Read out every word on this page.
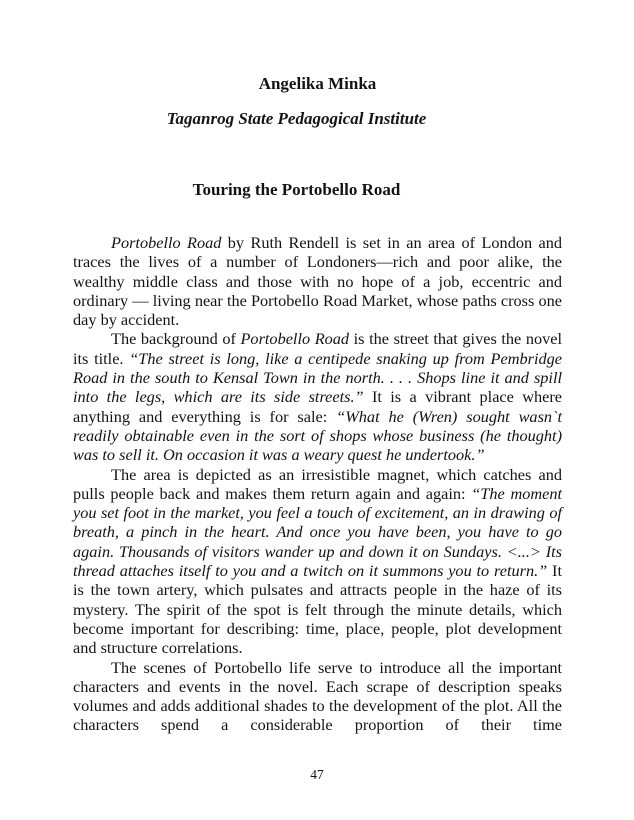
Angelika Minka
Taganrog State Pedagogical Institute
Touring the Portobello Road

Portobello Road by Ruth Rendell is set in an area of London and traces the lives of a number of Londoners—rich and poor alike, the wealthy middle class and those with no hope of a job, eccentric and ordinary — living near the Portobello Road Market, whose paths cross one day by accident.

The background of Portobello Road is the street that gives the novel its title. “The street is long, like a centipede snaking up from Pembridge Road in the south to Kensal Town in the north. . . . Shops line it and spill into the legs, which are its side streets.” It is a vibrant place where anything and everything is for sale: “What he (Wren) sought wasn`t readily obtainable even in the sort of shops whose business (he thought) was to sell it. On occasion it was a weary quest he undertook.”

The area is depicted as an irresistible magnet, which catches and pulls people back and makes them return again and again: “The moment you set foot in the market, you feel a touch of excitement, an in drawing of breath, a pinch in the heart. And once you have been, you have to go again. Thousands of visitors wander up and down it on Sundays. <...> Its thread attaches itself to you and a twitch on it summons you to return.” It is the town artery, which pulsates and attracts people in the haze of its mystery. The spirit of the spot is felt through the minute details, which become important for describing: time, place, people, plot development and structure correlations.

The scenes of Portobello life serve to introduce all the important characters and events in the novel. Each scrape of description speaks volumes and adds additional shades to the development of the plot. All the characters spend a considerable proportion of their time

47
